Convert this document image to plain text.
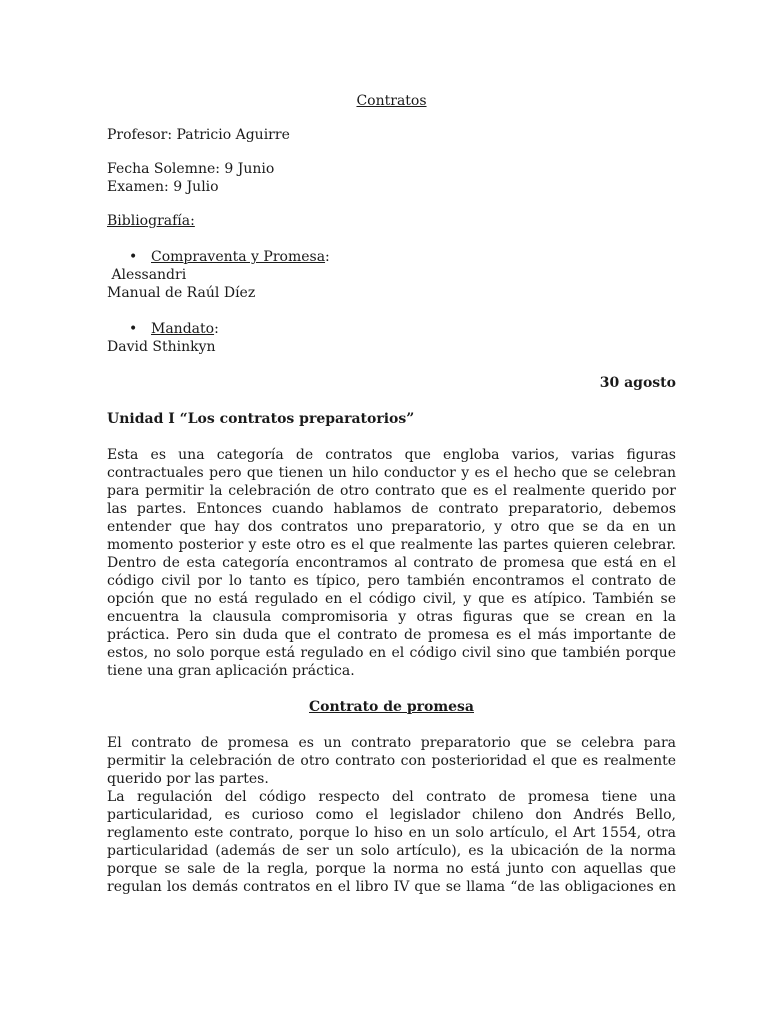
Contratos
Profesor: Patricio Aguirre
Fecha Solemne: 9 Junio
Examen: 9 Julio
Bibliografía:
• Compraventa y Promesa:
Alessandri
Manual de Raúl Díez
• Mandato:
David Sthinkyn
30 agosto
Unidad I “Los contratos preparatorios”
Esta es una categoría de contratos que engloba varios, varias figuras
contractuales pero que tienen un hilo conductor y es el hecho que se celebran
para permitir la celebración de otro contrato que es el realmente querido por
las partes. Entonces cuando hablamos de contrato preparatorio, debemos
entender que hay dos contratos uno preparatorio, y otro que se da en un
momento posterior y este otro es el que realmente las partes quieren celebrar.
Dentro de esta categoría encontramos al contrato de promesa que está en el
código civil por lo tanto es típico, pero también encontramos el contrato de
opción que no está regulado en el código civil, y que es atípico. También se
encuentra la clausula compromisoria y otras figuras que se crean en la
práctica. Pero sin duda que el contrato de promesa es el más importante de
estos, no solo porque está regulado en el código civil sino que también porque
tiene una gran aplicación práctica.
Contrato de promesa
El contrato de promesa es un contrato preparatorio que se celebra para
permitir la celebración de otro contrato con posterioridad el que es realmente
querido por las partes.
La regulación del código respecto del contrato de promesa tiene una
particularidad, es curioso como el legislador chileno don Andrés Bello,
reglamento este contrato, porque lo hiso en un solo artículo, el Art 1554, otra
particularidad (además de ser un solo artículo), es la ubicación de la norma
porque se sale de la regla, porque la norma no está junto con aquellas que
regulan los demás contratos en el libro IV que se llama “de las obligaciones en
